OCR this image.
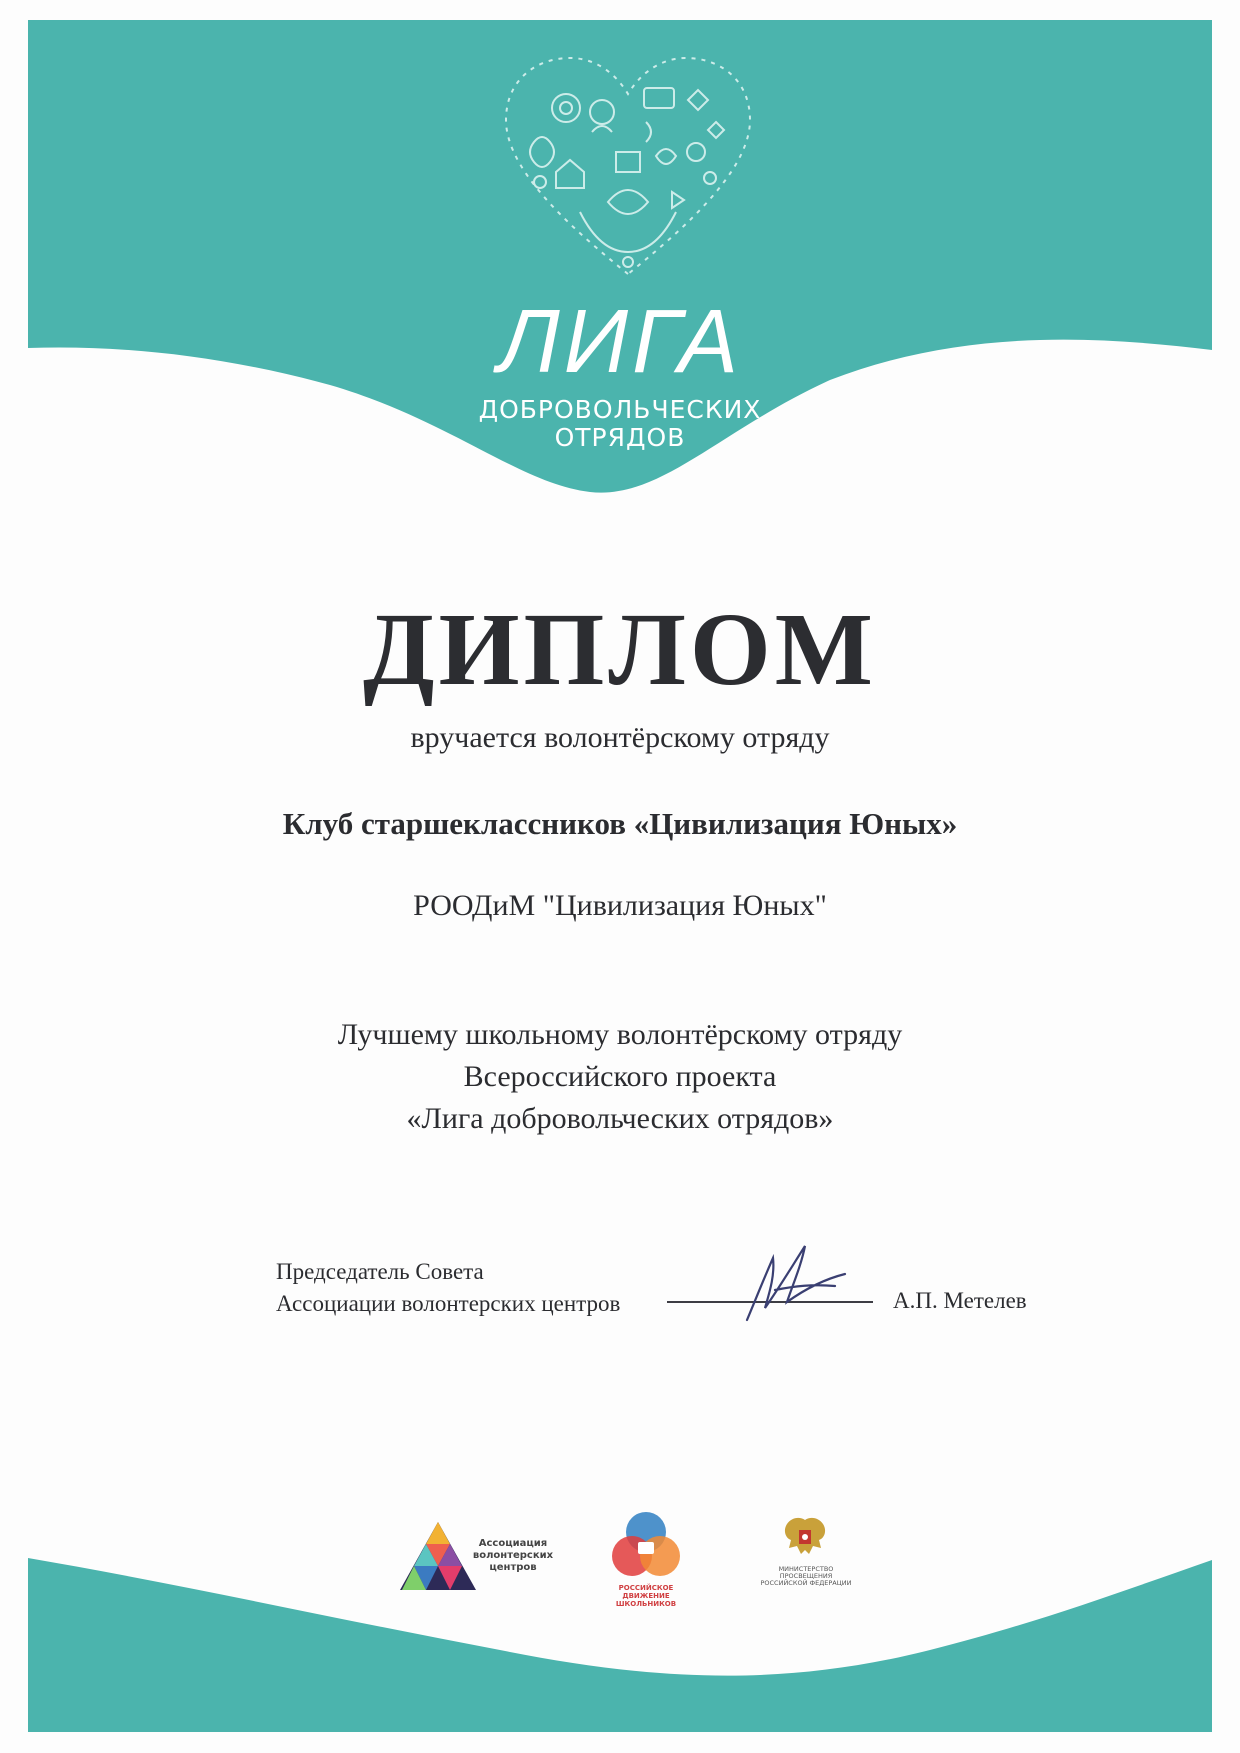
ЛИГА
ДОБРОВОЛЬЧЕСКИХ
ОТРЯДОВ
ДИПЛОМ
вручается волонтёрскому отряду
Клуб старшеклассников «Цивилизация Юных»
РООДиМ "Цивилизация Юных"
Лучшему школьному волонтёрскому отряду
Всероссийского проекта
«Лига добровольческих отрядов»
Председатель Совета
Ассоциации волонтерских центров	А.П. Метелев
Ассоциация волонтерских центров
РОССИЙСКОЕ ДВИЖЕНИЕ ШКОЛЬНИКОВ
МИНИСТЕРСТВО ПРОСВЕЩЕНИЯ РОССИЙСКОЙ ФЕДЕРАЦИИ
